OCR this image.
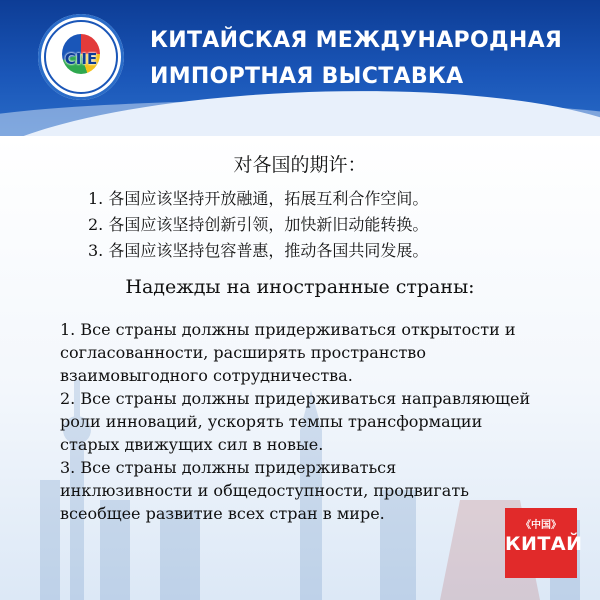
CIIE
КИТАЙСКАЯ МЕЖДУНАРОДНАЯ
ИМПОРТНАЯ ВЫСТАВКА
对各国的期许：
1. 各国应该坚持开放融通，拓展互利合作空间。
2. 各国应该坚持创新引领，加快新旧动能转换。
3. 各国应该坚持包容普惠，推动各国共同发展。
Надежды на иностранные страны:

1. Все страны должны придерживаться открытости и

согласованности, расширять пространство

взаимовыгодного сотрудничества.

2. Все страны должны придерживаться направляющей

роли инноваций, ускорять темпы трансформации

старых движущих сил в новые.

3. Все страны должны придерживаться

инклюзивности и общедоступности, продвигать

всеобщее развитие всех стран в мире.

《中国》
КИТАЙ
